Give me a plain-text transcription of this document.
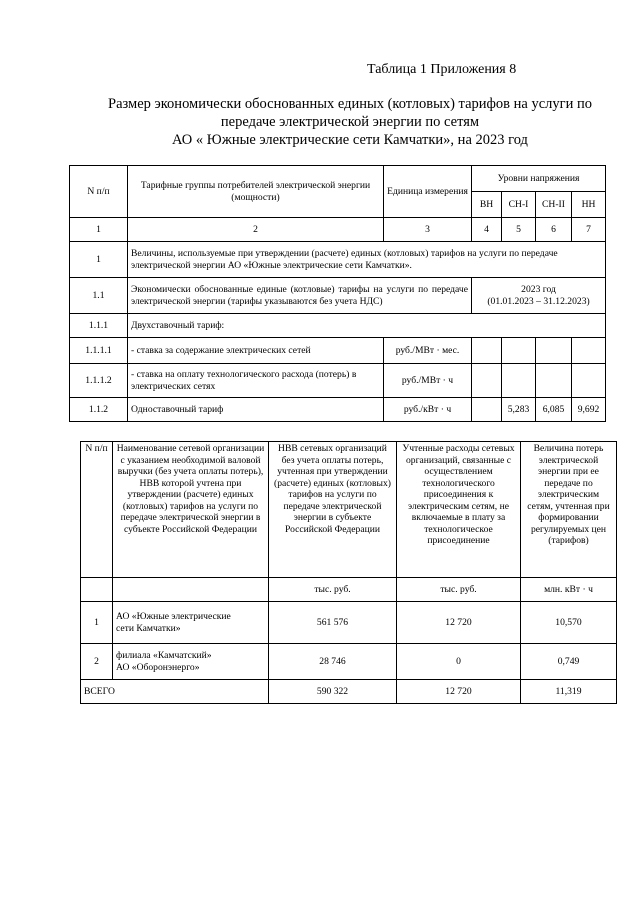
Таблица 1 Приложения 8
Размер экономически обоснованных единых (котловых) тарифов на услуги по
передаче электрической энергии по сетям
АО « Южные электрические сети Камчатки», на 2023 год
N п/п	Тарифные группы потребителей электрической энергии (мощности)	Единица измерения	Уровни напряжения			
			ВН	СН-I	СН-II	НН
1	2	3	4	5	6	7
1	Величины, используемые при утверждении (расчете) единых (котловых) тарифов на услуги по передаче электрической энергии АО «Южные электрические сети Камчатки».					
1.1	Экономически обоснованные единые (котловые) тарифы на услуги по передаче электрической энергии (тарифы указываются без учета НДС)		2023 год
(01.01.2023 – 31.12.2023)			

1.1.1	Двухставочный тариф:					
1.1.1.1	- ставка за содержание электрических сетей	руб./МВт · мес.				
1.1.1.2	- ставка на оплату технологического расхода (потерь) в электрических сетях	руб./МВт · ч				
1.1.2	Одноставочный тариф	руб./кВт · ч		5,283	6,085	9,692
N п/п	Наименование сетевой организации с указанием необходимой валовой выручки (без учета оплаты потерь), НВВ которой учтена при утверждении (расчете) единых (котловых) тарифов на услуги по передаче электрической энергии в субъекте Российской Федерации	НВВ сетевых организаций без учета оплаты потерь, учтенная при утверждении (расчете) единых (котловых) тарифов на услуги по передаче электрической энергии в субъекте Российской Федерации	Учтенные расходы сетевых организаций, связанные с осуществлением технологического присоединения к электрическим сетям, не включаемые в плату за технологическое присоединение	Величина потерь электрической энергии при ее передаче по электрическим сетям, учтенная при формировании регулируемых цен (тарифов)
		тыс. руб.	тыс. руб.	млн. кВт · ч
1	АО «Южные электрические
сети Камчатки»	561 576	12 720	10,570
2	филиала «Камчатский»
АО «Оборонэнерго»	28 746	0	0,749
ВСЕГО		590 322	12 720	11,319
